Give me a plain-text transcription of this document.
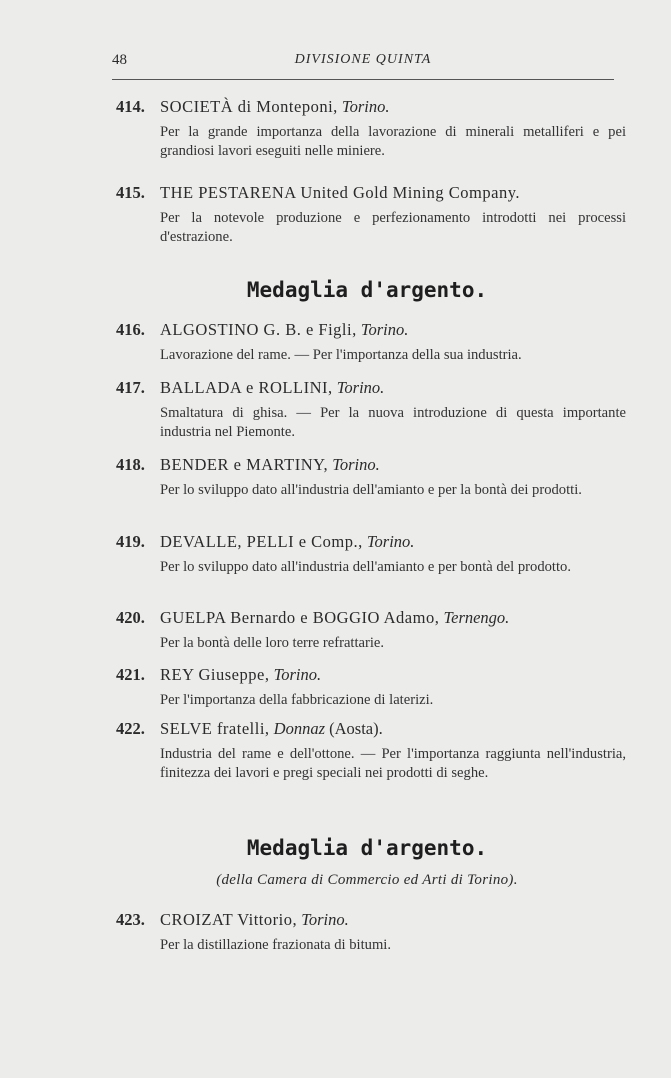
48	DIVISIONE QUINTA
414. SOCIETÀ di Monteponi, Torino.
Per la grande importanza della lavorazione di minerali metalliferi e pei grandiosi lavori eseguiti nelle miniere.
415. THE PESTARENA United Gold Mining Company.
Per la notevole produzione e perfezionamento introdotti nei processi d'estrazione.
Medaglia d'argento.
416. ALGOSTINO G. B. e Figli, Torino.
Lavorazione del rame. — Per l'importanza della sua industria.
417. BALLADA e ROLLINI, Torino.
Smaltatura di ghisa. — Per la nuova introduzione di questa importante industria nel Piemonte.
418. BENDER e MARTINY, Torino.
Per lo sviluppo dato all'industria dell'amianto e per la bontà dei prodotti.
419. DEVALLE, PELLI e Comp., Torino.
Per lo sviluppo dato all'industria dell'amianto e per bontà del prodotto.
420. GUELPA Bernardo e BOGGIO Adamo, Ternengo.
Per la bontà delle loro terre refrattarie.
421. REY Giuseppe, Torino.
Per l'importanza della fabbricazione di laterizi.
422. SELVE fratelli, Donnaz (Aosta).
Industria del rame e dell'ottone. — Per l'importanza raggiunta nell'industria, finitezza dei lavori e pregi speciali nei prodotti di seghe.
Medaglia d'argento.
(della Camera di Commercio ed Arti di Torino).
423. CROIZAT Vittorio, Torino.
Per la distillazione frazionata di bitumi.
